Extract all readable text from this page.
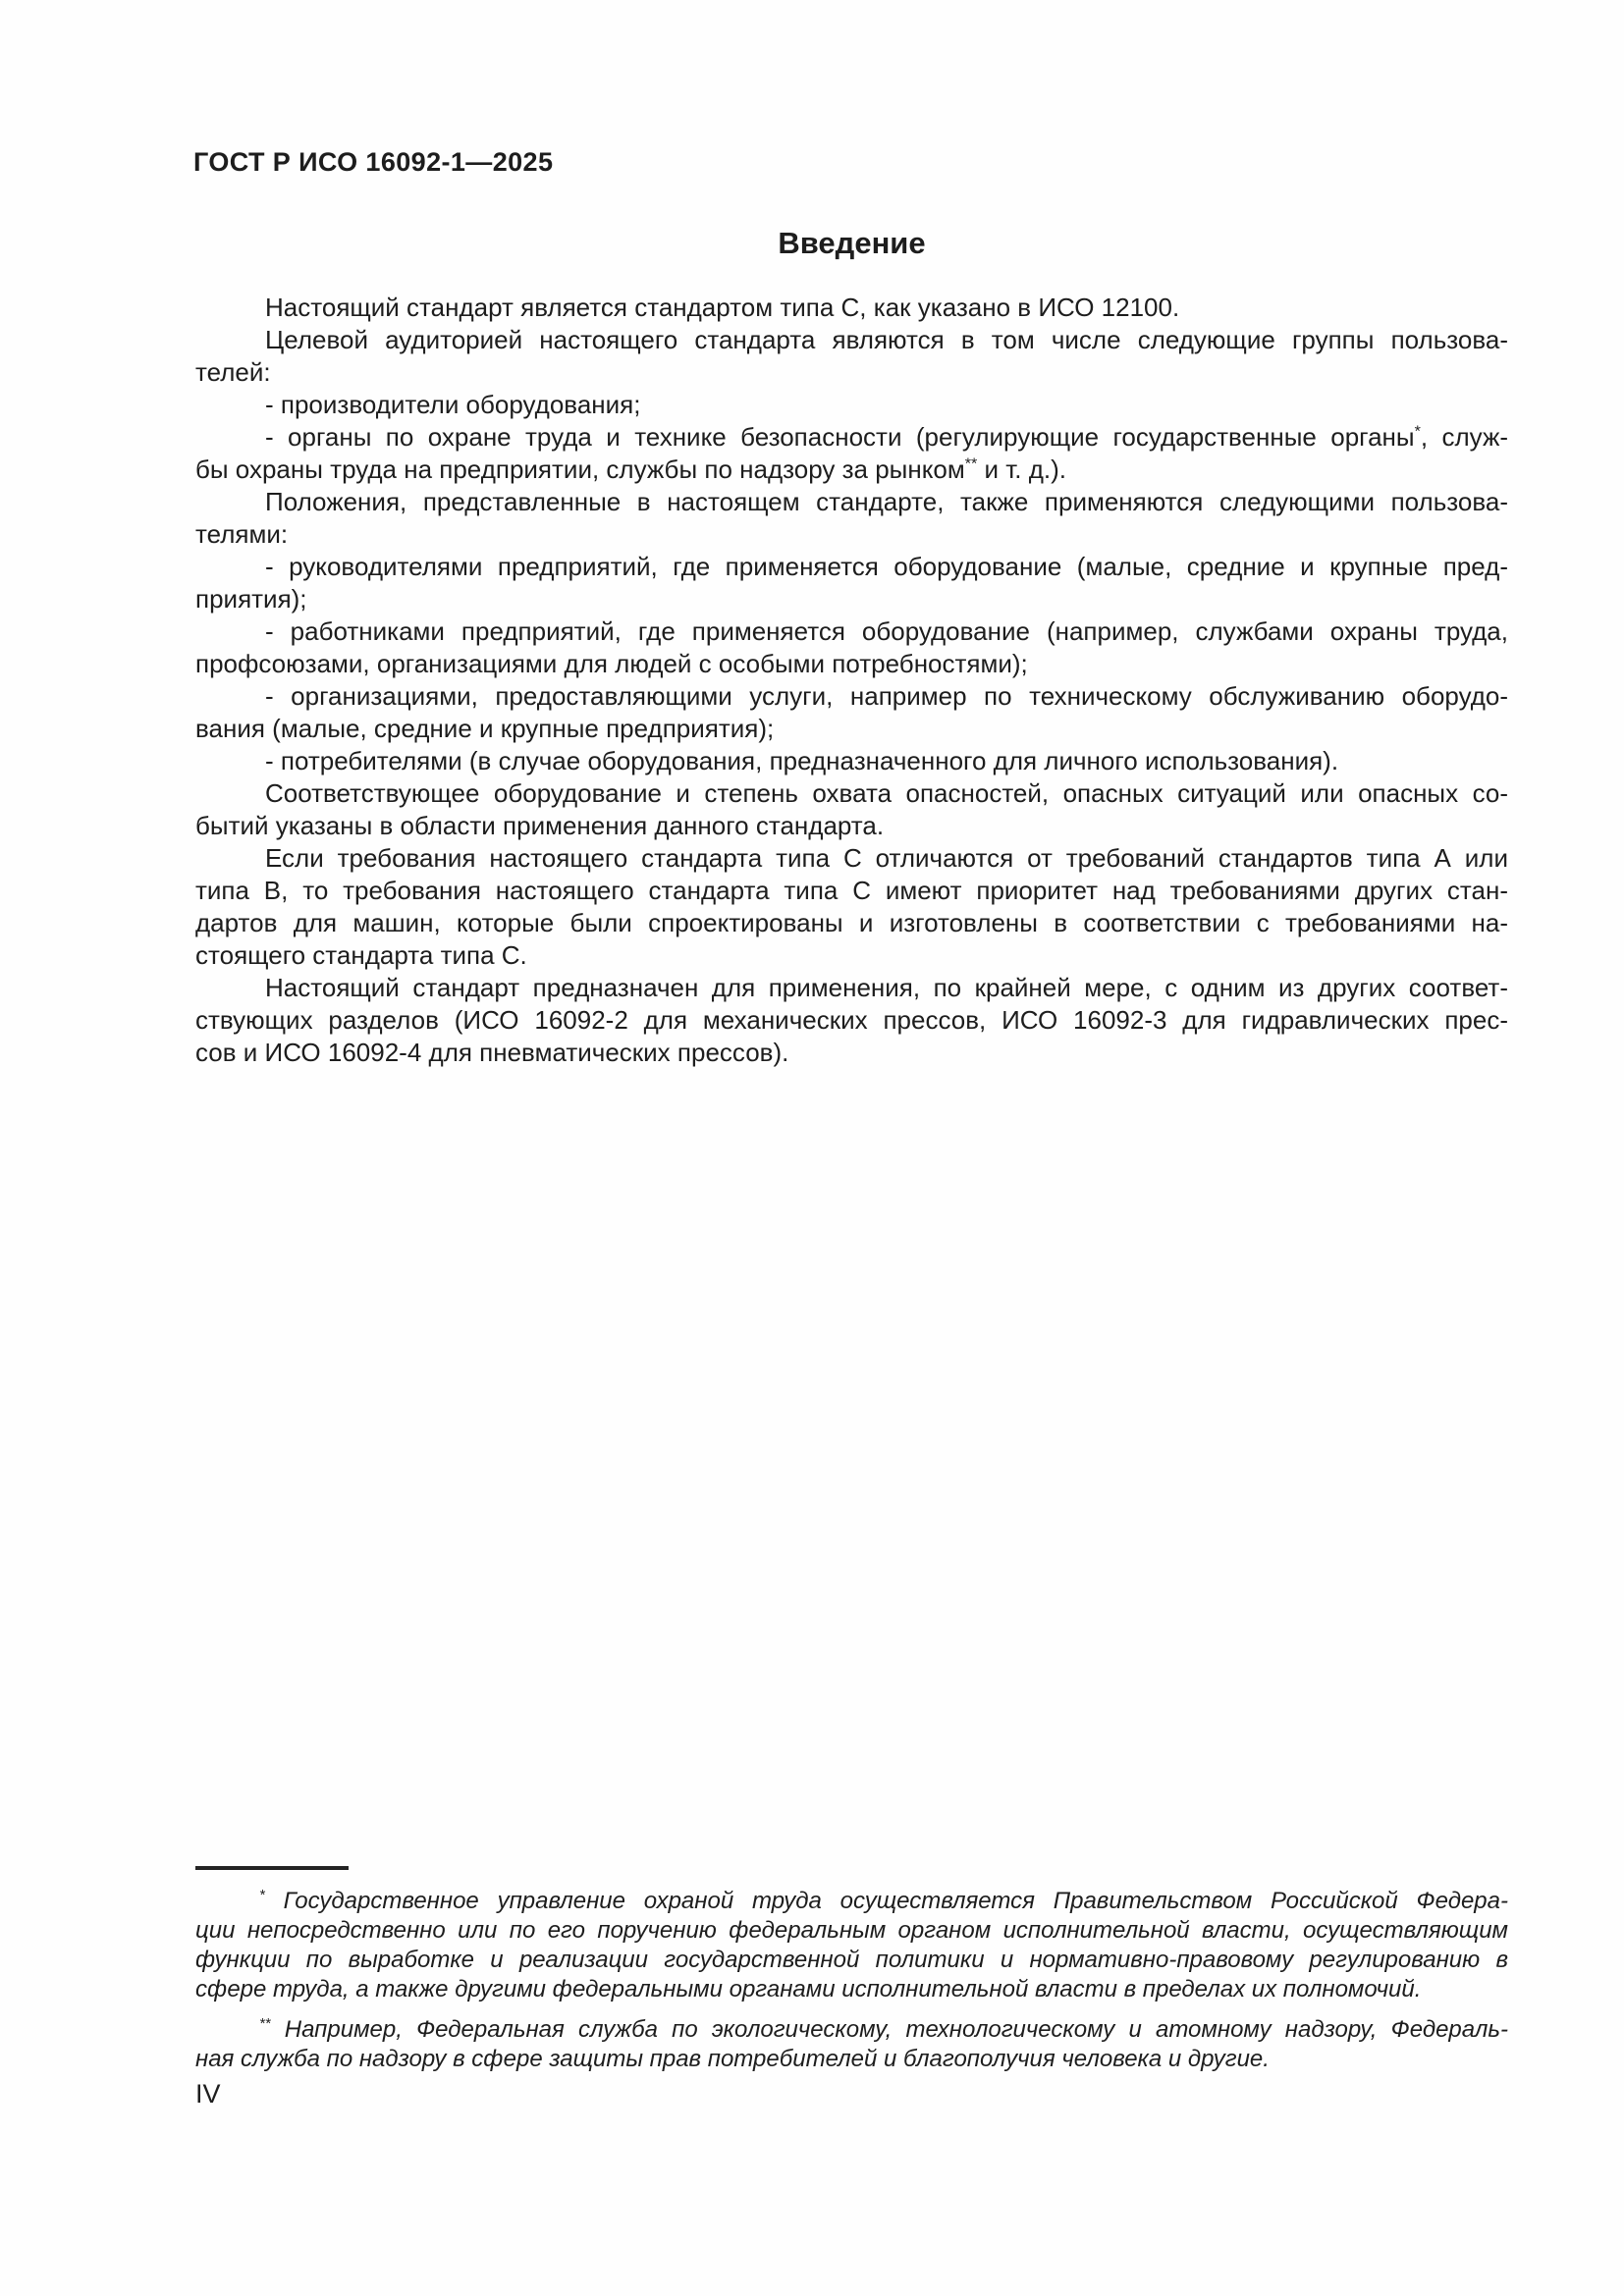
ГОСТ Р ИСО 16092-1—2025
Введение
Настоящий стандарт является стандартом типа С, как указано в ИСО 12100.
Целевой аудиторией настоящего стандарта являются в том числе следующие группы пользова-
телей:
- производители оборудования;
- органы по охране труда и технике безопасности (регулирующие государственные органы*, служ-
бы охраны труда на предприятии, службы по надзору за рынком** и т. д.).
Положения, представленные в настоящем стандарте, также применяются следующими пользова-
телями:
- руководителями предприятий, где применяется оборудование (малые, средние и крупные пред-
приятия);
- работниками предприятий, где применяется оборудование (например, службами охраны труда,
профсоюзами, организациями для людей с особыми потребностями);
- организациями, предоставляющими услуги, например по техническому обслуживанию оборудо-
вания (малые, средние и крупные предприятия);
- потребителями (в случае оборудования, предназначенного для личного использования).
Соответствующее оборудование и степень охвата опасностей, опасных ситуаций или опасных со-
бытий указаны в области применения данного стандарта.
Если требования настоящего стандарта типа С отличаются от требований стандартов типа А или
типа В, то требования настоящего стандарта типа С имеют приоритет над требованиями других стан-
дартов для машин, которые были спроектированы и изготовлены в соответствии с требованиями на-
стоящего стандарта типа С.
Настоящий стандарт предназначен для применения, по крайней мере, с одним из других соответ-
ствующих разделов (ИСО 16092-2 для механических прессов, ИСО 16092-3 для гидравлических прес-
сов и ИСО 16092-4 для пневматических прессов).
* Государственное управление охраной труда осуществляется Правительством Российской Федера-
ции непосредственно или по его поручению федеральным органом исполнительной власти, осуществляющим
функции по выработке и реализации государственной политики и нормативно-правовому регулированию в
сфере труда, а также другими федеральными органами исполнительной власти в пределах их полномочий.
** Например, Федеральная служба по экологическому, технологическому и атомному надзору, Федераль-
ная служба по надзору в сфере защиты прав потребителей и благополучия человека и другие.
IV
